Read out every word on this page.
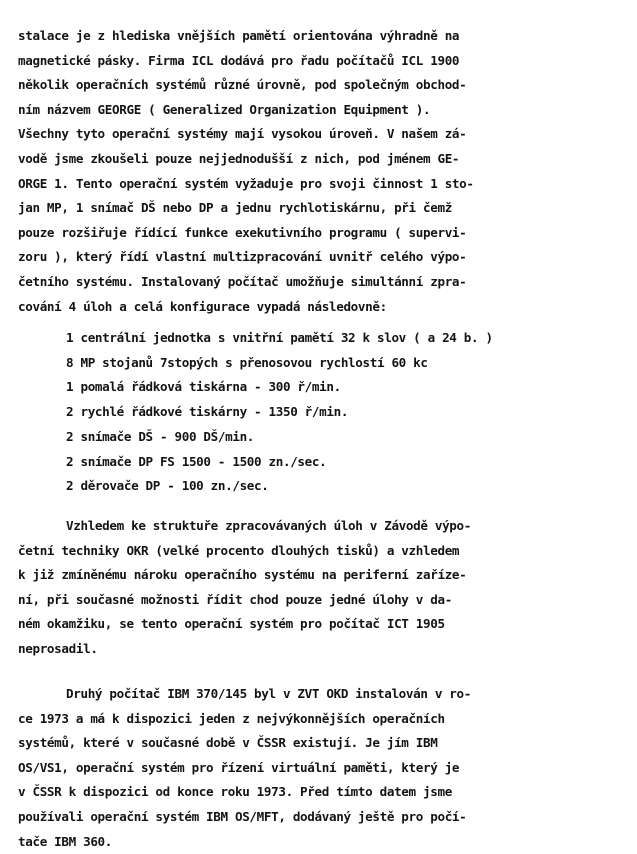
stalace je z hlediska vnějších pamětí orientována výhradně na
magnetické pásky. Firma ICL dodává pro řadu počítačů ICL 1900
několik operačních systémů různé úrovně, pod společným obchod-
ním názvem GEORGE ( Generalized Organization Equipment ).
Všechny tyto operační systémy mají vysokou úroveň. V našem zá-
vodě jsme zkoušeli pouze nejjednodušší z nich, pod jménem GE-
ORGE 1. Tento operační systém vyžaduje pro svoji činnost 1 sto-
jan MP, 1 snímač DŠ nebo DP a jednu rychlotiskárnu, při čemž
pouze rozšiřuje řídící funkce exekutivního programu ( supervi-
zoru ), který řídí vlastní multizpracování uvnitř celého výpo-
četního systému. Instalovaný počítač umožňuje simultánní zpra-
cování 4 úloh a celá konfigurace vypadá následovně:
1 centrální jednotka s vnitřní pamětí 32 k slov ( a 24 b. )
8 MP stojanů 7stopých s přenosovou rychlostí 60 kc
1 pomalá řádková tiskárna - 300 ř/min.
2 rychlé řádkové tiskárny - 1350 ř/min.
2 snímače DŠ - 900 DŠ/min.
2 snímače DP FS 1500 - 1500 zn./sec.
2 děrovače DP - 100 zn./sec.
Vzhledem ke struktuře zpracovávaných úloh v Závodě výpo-
četní techniky OKR (velké procento dlouhých tisků) a vzhledem
k již zmíněnému nároku operačního systému na periferní zařízе-
ní, při současné možnosti řídit chod pouze jedné úlohy v da-
ném okamžiku, se tento operační systém pro počítač ICT 1905
neprosadil.
Druhý počítač IBM 370/145 byl v ZVT OKD instalován v ro-
ce 1973 a má k dispozici jeden z nejvýkonnějších operačních
systémů, které v současné době v ČSSR existují. Je jím IBM
OS/VS1, operační systém pro řízení virtuální paměti, který je
v ČSSR k dispozici od konce roku 1973. Před tímto datem jsme
používali operační systém IBM OS/MFT, dodávaný ještě pro počí-
tače IBM 360.
